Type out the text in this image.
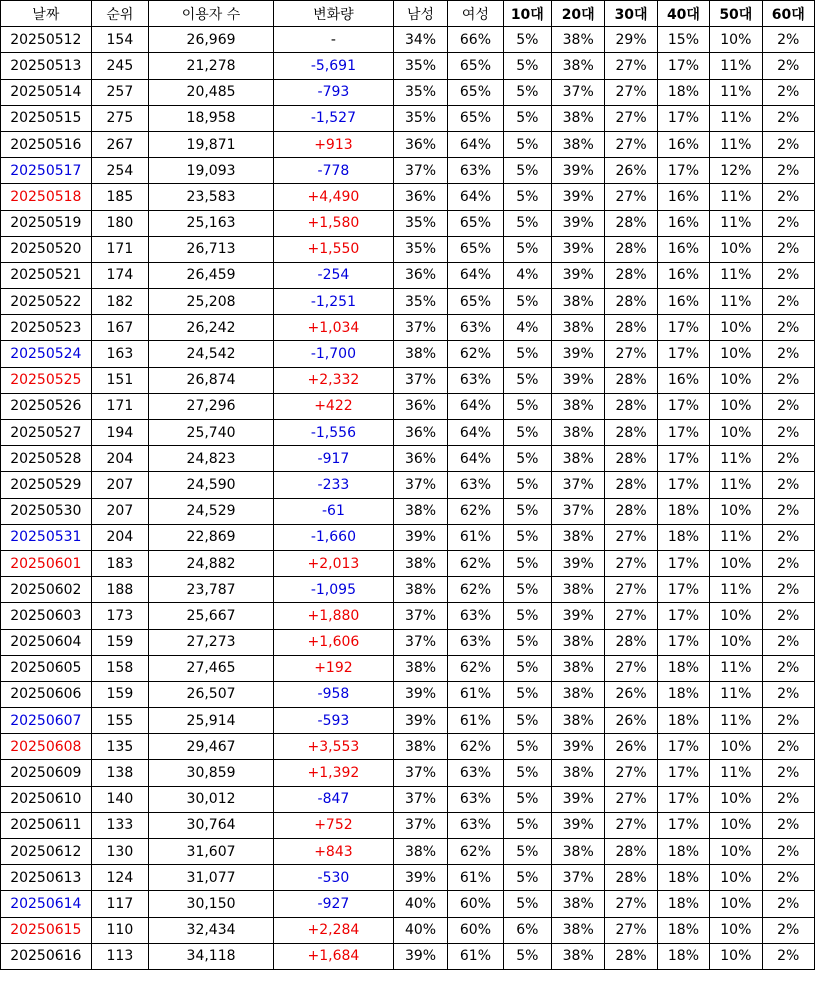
날짜	순위	이용자 수	변화량	남성	여성	10대	20대	30대	40대	50대	60대
20250512	154	26,969	-	34%	66%	5%	38%	29%	15%	10%	2%
20250513	245	21,278	-5,691	35%	65%	5%	38%	27%	17%	11%	2%
20250514	257	20,485	-793	35%	65%	5%	37%	27%	18%	11%	2%
20250515	275	18,958	-1,527	35%	65%	5%	38%	27%	17%	11%	2%
20250516	267	19,871	+913	36%	64%	5%	38%	27%	16%	11%	2%
20250517	254	19,093	-778	37%	63%	5%	39%	26%	17%	12%	2%
20250518	185	23,583	+4,490	36%	64%	5%	39%	27%	16%	11%	2%
20250519	180	25,163	+1,580	35%	65%	5%	39%	28%	16%	11%	2%
20250520	171	26,713	+1,550	35%	65%	5%	39%	28%	16%	10%	2%
20250521	174	26,459	-254	36%	64%	4%	39%	28%	16%	11%	2%
20250522	182	25,208	-1,251	35%	65%	5%	38%	28%	16%	11%	2%
20250523	167	26,242	+1,034	37%	63%	4%	38%	28%	17%	10%	2%
20250524	163	24,542	-1,700	38%	62%	5%	39%	27%	17%	10%	2%
20250525	151	26,874	+2,332	37%	63%	5%	39%	28%	16%	10%	2%
20250526	171	27,296	+422	36%	64%	5%	38%	28%	17%	10%	2%
20250527	194	25,740	-1,556	36%	64%	5%	38%	28%	17%	10%	2%
20250528	204	24,823	-917	36%	64%	5%	38%	28%	17%	11%	2%
20250529	207	24,590	-233	37%	63%	5%	37%	28%	17%	11%	2%
20250530	207	24,529	-61	38%	62%	5%	37%	28%	18%	10%	2%
20250531	204	22,869	-1,660	39%	61%	5%	38%	27%	18%	11%	2%
20250601	183	24,882	+2,013	38%	62%	5%	39%	27%	17%	10%	2%
20250602	188	23,787	-1,095	38%	62%	5%	38%	27%	17%	11%	2%
20250603	173	25,667	+1,880	37%	63%	5%	39%	27%	17%	10%	2%
20250604	159	27,273	+1,606	37%	63%	5%	38%	28%	17%	10%	2%
20250605	158	27,465	+192	38%	62%	5%	38%	27%	18%	11%	2%
20250606	159	26,507	-958	39%	61%	5%	38%	26%	18%	11%	2%
20250607	155	25,914	-593	39%	61%	5%	38%	26%	18%	11%	2%
20250608	135	29,467	+3,553	38%	62%	5%	39%	26%	17%	10%	2%
20250609	138	30,859	+1,392	37%	63%	5%	38%	27%	17%	11%	2%
20250610	140	30,012	-847	37%	63%	5%	39%	27%	17%	10%	2%
20250611	133	30,764	+752	37%	63%	5%	39%	27%	17%	10%	2%
20250612	130	31,607	+843	38%	62%	5%	38%	28%	18%	10%	2%
20250613	124	31,077	-530	39%	61%	5%	37%	28%	18%	10%	2%
20250614	117	30,150	-927	40%	60%	5%	38%	27%	18%	10%	2%
20250615	110	32,434	+2,284	40%	60%	6%	38%	27%	18%	10%	2%
20250616	113	34,118	+1,684	39%	61%	5%	38%	28%	18%	10%	2%
